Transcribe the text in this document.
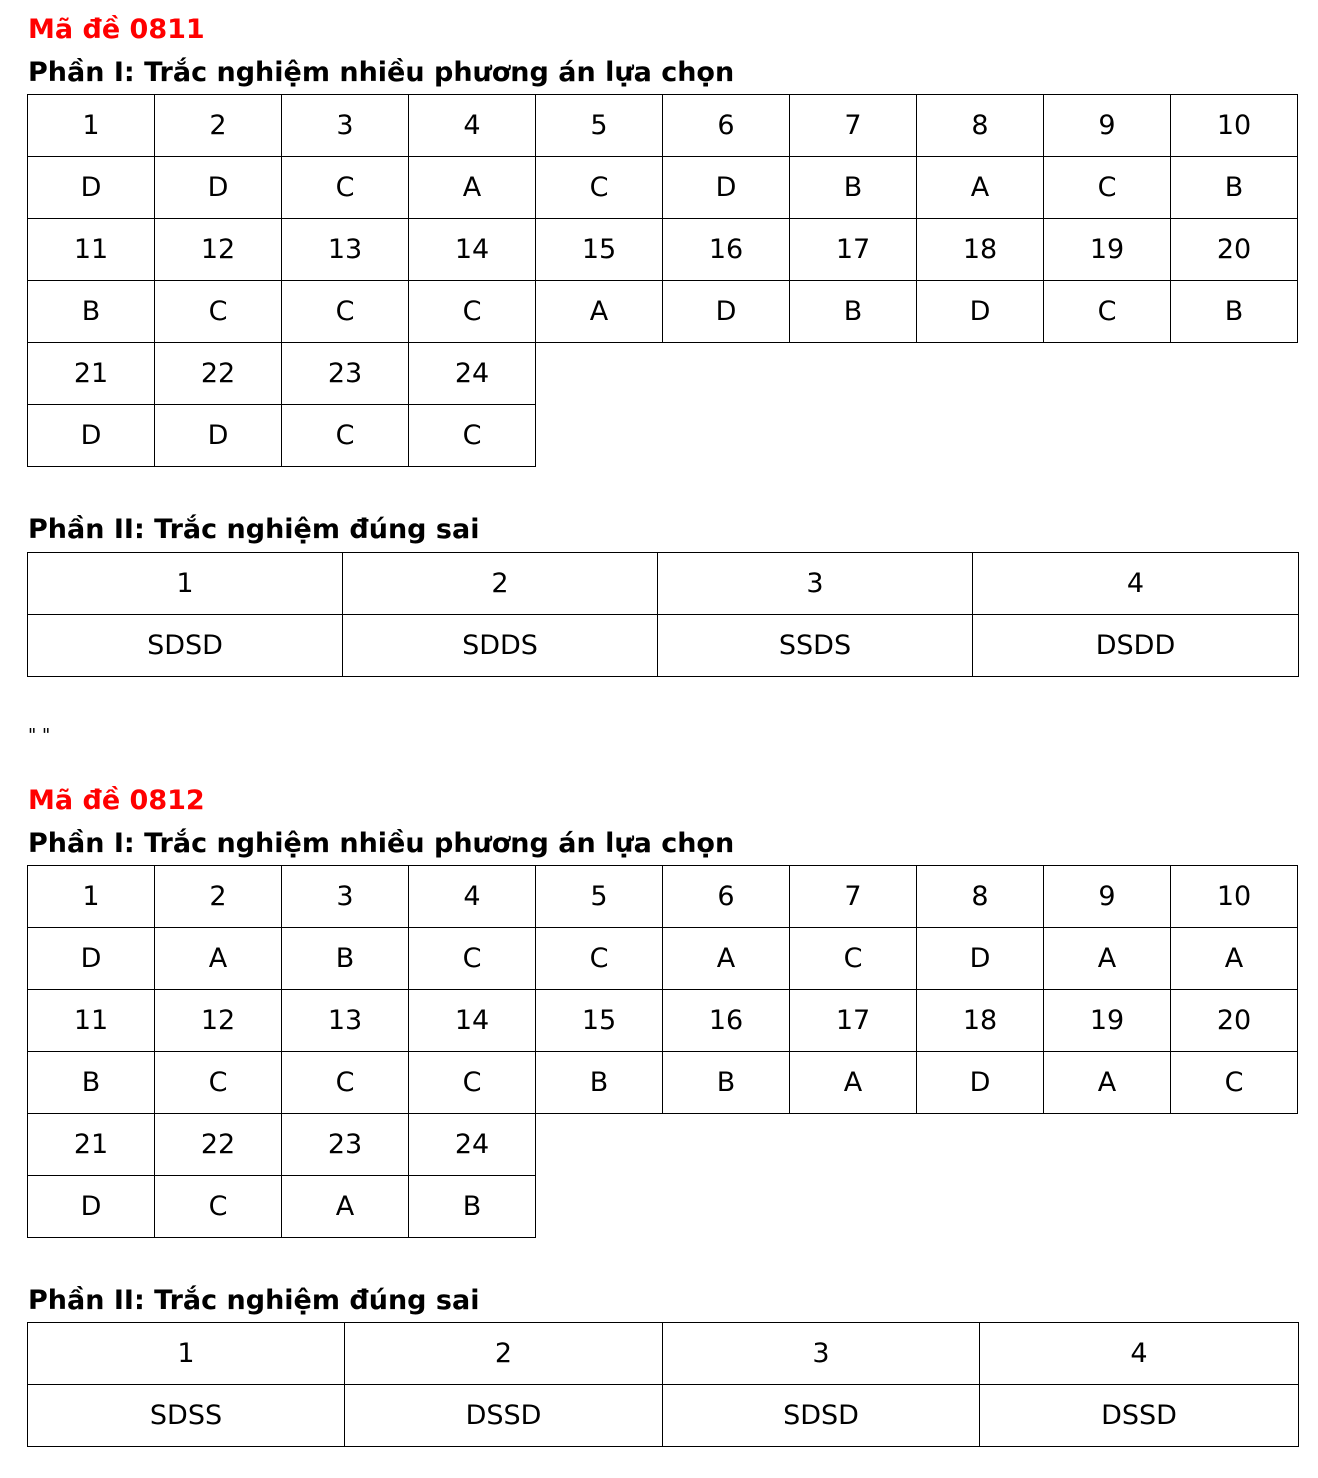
Mã đề 0811
Phần I: Trắc nghiệm nhiều phương án lựa chọn
1	2	3	4	5	6	7	8	9	10
D	D	C	A	C	D	B	A	C	B
11	12	13	14	15	16	17	18	19	20
B	C	C	C	A	D	B	D	C	B
21	22	23	24						
D	D	C	C						
Phần II: Trắc nghiệm đúng sai
1	2	3	4
SDSD	SDDS	SSDS	DSDD
" "
Mã đề 0812
Phần I: Trắc nghiệm nhiều phương án lựa chọn
1	2	3	4	5	6	7	8	9	10
D	A	B	C	C	A	C	D	A	A
11	12	13	14	15	16	17	18	19	20
B	C	C	C	B	B	A	D	A	C
21	22	23	24						
D	C	A	B						
Phần II: Trắc nghiệm đúng sai
1	2	3	4
SDSS	DSSD	SDSD	DSSD
